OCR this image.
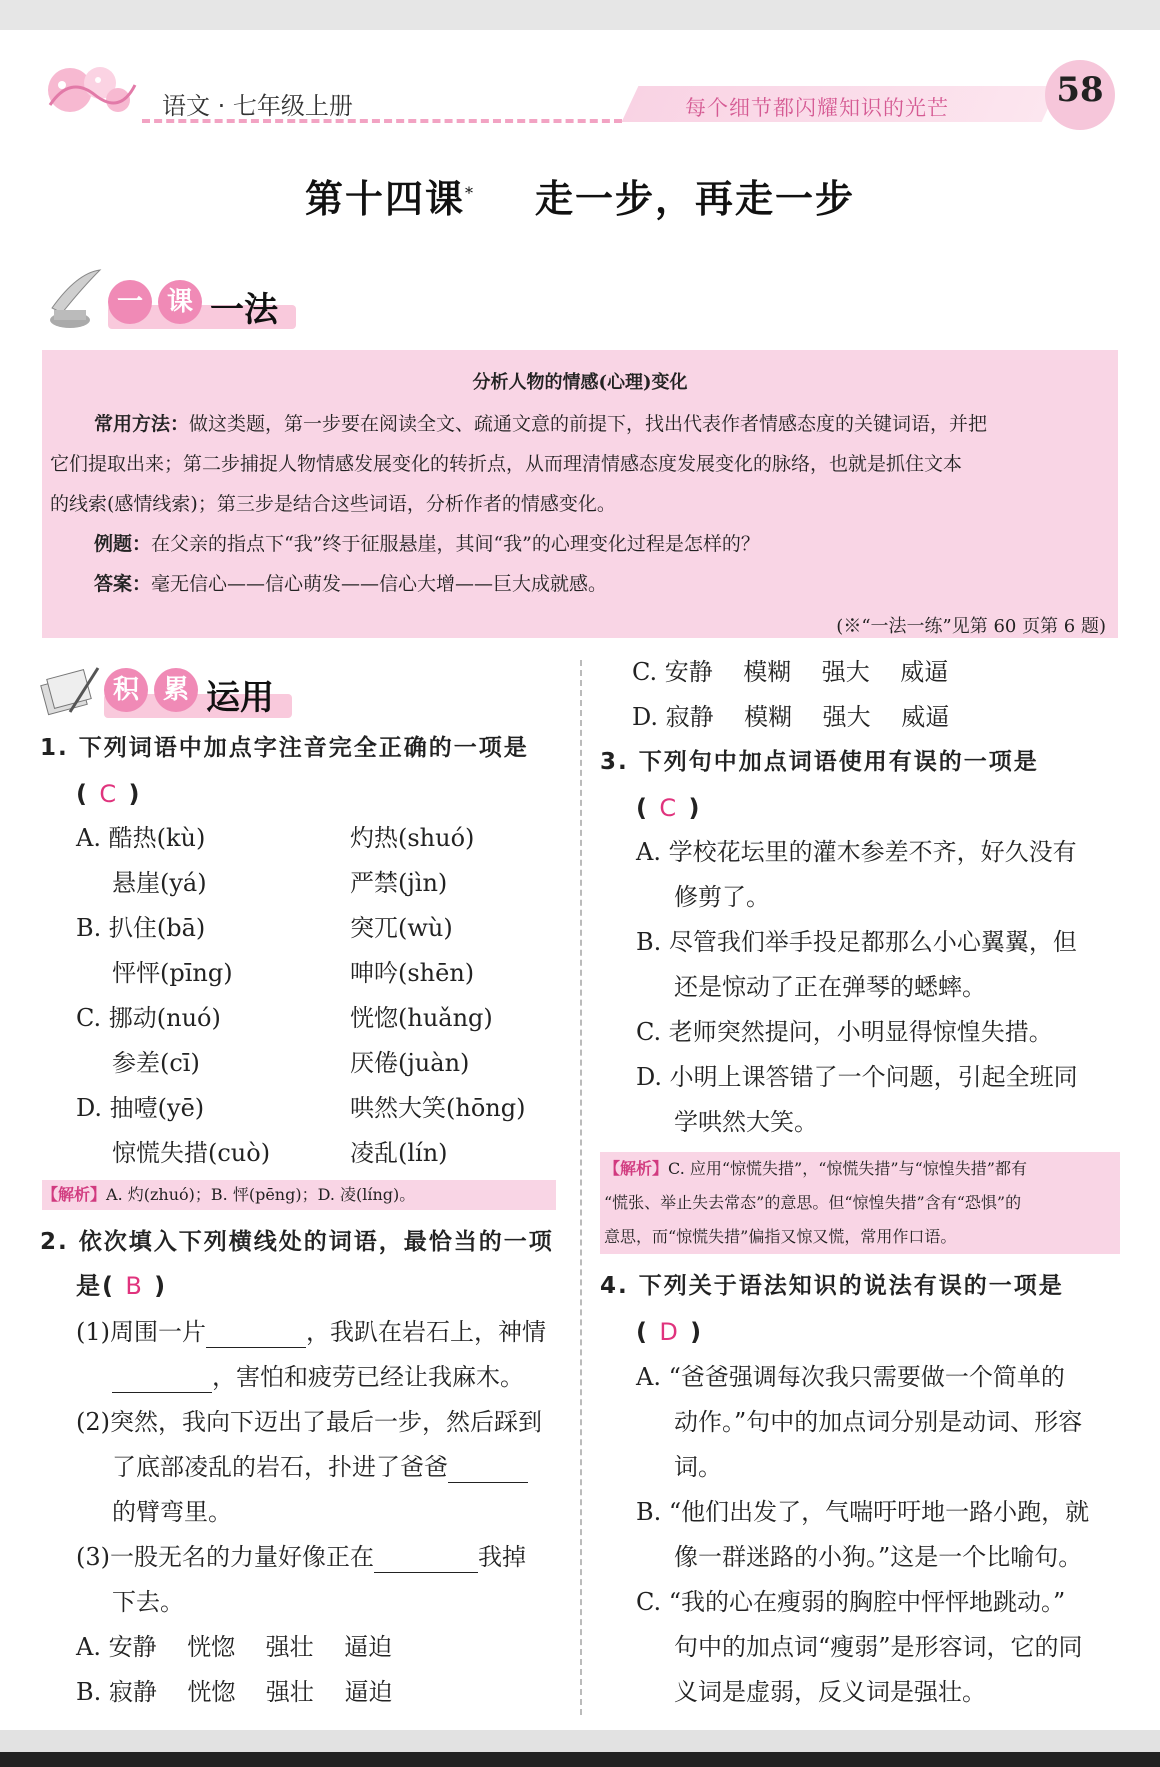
语文 · 七年级上册	每个细节都闪耀知识的光芒	58
第十四课* 走一步，再走一步
一 课 一法
分析人物的情感(心理)变化
常用方法：做这类题，第一步要在阅读全文、疏通文意的前提下，找出代表作者情感态度的关键词语，并把
它们提取出来；第二步捕捉人物情感发展变化的转折点，从而理清情感态度发展变化的脉络，也就是抓住文本
的线索(感情线索)；第三步是结合这些词语，分析作者的情感变化。
例题：在父亲的指点下“我”终于征服悬崖，其间“我”的心理变化过程是怎样的？
答案：毫无信心——信心萌发——信心大增——巨大成就感。
(※“一法一练”见第 60 页第 6 题)
积 累 运用
1. 下列词语中加点字注音完全正确的一项是
( C )
A. 酷热(kù)	灼热(shuó)
悬崖(yá)	严禁(jìn)
B. 扒住(bā)	突兀(wù)
怦怦(pīng)	呻吟(shēn)
C. 挪动(nuó)	恍惚(huǎng)
参差(cī)	厌倦(juàn)
D. 抽噎(yē)	哄然大笑(hōng)
惊慌失措(cuò)	凌乱(lín)
【解析】A. 灼(zhuó)；B. 怦(pēng)；D. 凌(líng)。
2. 依次填入下列横线处的词语，最恰当的一项
是( B )
(1)周围一片	，我趴在岩石上，神情
，害怕和疲劳已经让我麻木。
(2)突然，我向下迈出了最后一步，然后踩到
了底部凌乱的岩石，扑进了爸爸
的臂弯里。
(3)一股无名的力量好像正在	我掉
下去。
A. 安静    恍惚    强壮    逼迫
B. 寂静    恍惚    强壮    逼迫
C. 安静    模糊    强大    威逼
D. 寂静    模糊    强大    威逼
3. 下列句中加点词语使用有误的一项是
( C )
A. 学校花坛里的灌木参差不齐，好久没有
修剪了。
B. 尽管我们举手投足都那么小心翼翼，但
还是惊动了正在弹琴的蟋蟀。
C. 老师突然提问，小明显得惊惶失措。
D. 小明上课答错了一个问题，引起全班同
学哄然大笑。
【解析】C. 应用“惊慌失措”，“惊慌失措”与“惊惶失措”都有
“慌张、举止失去常态”的意思。但“惊惶失措”含有“恐惧”的
意思，而“惊慌失措”偏指又惊又慌，常用作口语。
4. 下列关于语法知识的说法有误的一项是
( D )
A. “爸爸强调每次我只需要做一个简单的
动作。”句中的加点词分别是动词、形容
词。
B. “他们出发了，气喘吁吁地一路小跑，就
像一群迷路的小狗。”这是一个比喻句。
C. “我的心在瘦弱的胸腔中怦怦地跳动。”
句中的加点词“瘦弱”是形容词，它的同
义词是虚弱，反义词是强壮。
